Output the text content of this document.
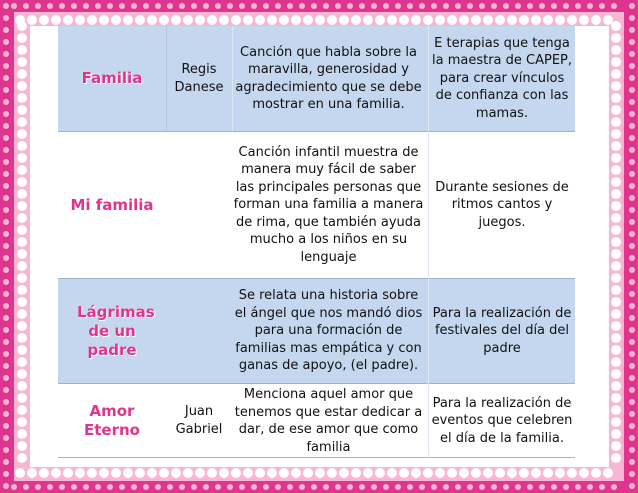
Familia	Regis Danese
Canción que habla sobre la maravilla, generosidad y agradecimiento que se debe mostrar en una familia.
E terapias que tenga la maestra de CAPEP, para crear vínculos de confianza con las mamas.
Mi familia
Canción infantil muestra de manera muy fácil de saber las principales personas que forman una familia a manera de rima, que también ayuda mucho a los niños en su lenguaje
Durante sesiones de ritmos cantos y juegos.
Lágrimas de un padre
Se relata una historia sobre el ángel que nos mandó dios para una formación de familias mas empática y con ganas de apoyo, (el padre).
Para la realización de festivales del día del padre
Amor Eterno
Juan Gabriel
Menciona aquel amor que tenemos que estar dedicar a dar, de ese amor que como familia
Para la realización de eventos que celebren el día de la familia.
